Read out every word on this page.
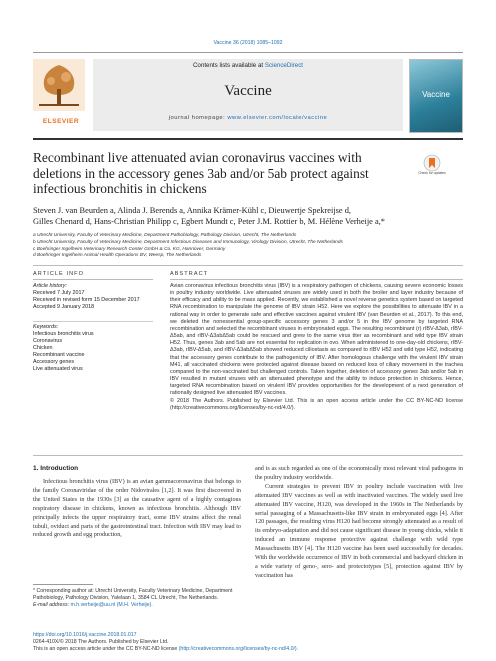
Vaccine 36 (2018) 1085–1092
ELSEVIER
Contents lists available at ScienceDirect
Vaccine
journal homepage: www.elsevier.com/locate/vaccine
Vaccine
Recombinant live attenuated avian coronavirus vaccines with deletions in the accessory genes 3ab and/or 5ab protect against infectious bronchitis in chickens
Check for updates
Steven J. van Beurden a, Alinda J. Berends a, Annika Krämer-Kühl c, Dieuwertje Spekreijse d,
Gilles Chenard d, Hans-Christian Philipp c, Egbert Mundt c, Peter J.M. Rottier b, M. Hélène Verheije a,*
a Utrecht University, Faculty of Veterinary Medicine, Department Pathobiology, Pathology Division, Utrecht, The Netherlands
b Utrecht University, Faculty of Veterinary Medicine, Department Infectious Diseases and Immunology, Virology Division, Utrecht, The Netherlands
c Boehringer Ingelheim Veterinary Research Center GmbH & Co. KG, Hannover, Germany
d Boehringer Ingelheim Animal Health Operations BV, Weesp, The Netherlands
ARTICLE INFO	ABSTRACT
Article history:
Received 7 July 2017
Received in revised form 15 December 2017
Accepted 9 January 2018
Keywords:
Infectious bronchitis virus
Coronavirus
Chicken
Recombinant vaccine
Accessory genes
Live attenuated virus
Avian coronavirus infectious bronchitis virus (IBV) is a respiratory pathogen of chickens, causing severe economic losses in poultry industry worldwide. Live attenuated viruses are widely used in both the broiler and layer industry because of their efficacy and ability to be mass applied. Recently, we established a novel reverse genetics system based on targeted RNA recombination to manipulate the genome of IBV strain H52. Here we explore the possibilities to attenuate IBV in a rational way in order to generate safe and effective vaccines against virulent IBV (van Beurden et al., 2017). To this end, we deleted the nonessential group-specific accessory genes 3 and/or 5 in the IBV genome by targeted RNA recombination and selected the recombinant viruses in embryonated eggs. The resulting recombinant (r) rIBV-Δ3ab, rIBV-Δ5ab, and rIBV-Δ3abΔ5ab could be rescued and grew to the same virus titer as recombinant and wild type IBV strain H52. Thus, genes 3ab and 5ab are not essential for replication in ovo. When administered to one-day-old chickens, rIBV-Δ3ab, rIBV-Δ5ab, and rIBV-Δ3abΔ5ab showed reduced ciliostasis as compared to rIBV H52 and wild type H52, indicating that the accessory genes contribute to the pathogenicity of IBV. After homologous challenge with the virulent IBV strain M41, all vaccinated chickens were protected against disease based on reduced loss of ciliary movement in the trachea compared to the non-vaccinated but challenged controls. Taken together, deletion of accessory genes 3ab and/or 5ab in IBV resulted in mutant viruses with an attenuated phenotype and the ability to induce protection in chickens. Hence, targeted RNA recombination based on virulent IBV provides opportunities for the development of a next generation of rationally designed live attenuated IBV vaccines.
© 2018 The Authors. Published by Elsevier Ltd. This is an open access article under the CC BY-NC-ND license (http://creativecommons.org/licenses/by-nc-nd/4.0/).
1. Introduction
Infectious bronchitis virus (IBV) is an avian gammacoronavirus that belongs to the family Coronaviridae of the order Nidovirales [1,2]. It was first discovered in the United States in the 1930s [3] as the causative agent of a highly contagious respiratory disease in chickens, known as infectious bronchitis. Although IBV principally infects the upper respiratory tract, some IBV strains affect the renal tubuli, oviduct and parts of the gastrointestinal tract. Infection with IBV may lead to reduced growth and egg production,

and is as such regarded as one of the economically most relevant viral pathogens in the poultry industry worldwide.

Current strategies to prevent IBV in poultry include vaccination with live attenuated IBV vaccines as well as with inactivated vaccines. The widely used live attenuated IBV vaccine, H120, was developed in the 1960s in The Netherlands by serial passaging of a Massachusetts-like IBV strain in embryonated eggs [4]. After 120 passages, the resulting virus H120 had become strongly attenuated as a result of its embryo-adaptation and did not cause significant disease in young chicks, while it induced an immune response protective against challenge with wild type Massachusetts IBV [4]. The H120 vaccine has been used successfully for decades. With the worldwide occurrence of IBV in both commercial and backyard chicken in a wide variety of geno-, sero- and protectotypes [5], protection against IBV by vaccination has

* Corresponding author at: Utrecht University, Faculty Veterinary Medicine, Department Pathobiology, Pathology Division, Yalelaan 1, 3584 CL Utrecht, The Netherlands.
E-mail address: m.h.verheije@uu.nl (M.H. Verheije).
https://doi.org/10.1016/j.vaccine.2018.01.017
0264-410X/© 2018 The Authors. Published by Elsevier Ltd.
This is an open access article under the CC BY-NC-ND license (http://creativecommons.org/licenses/by-nc-nd/4.0/).
